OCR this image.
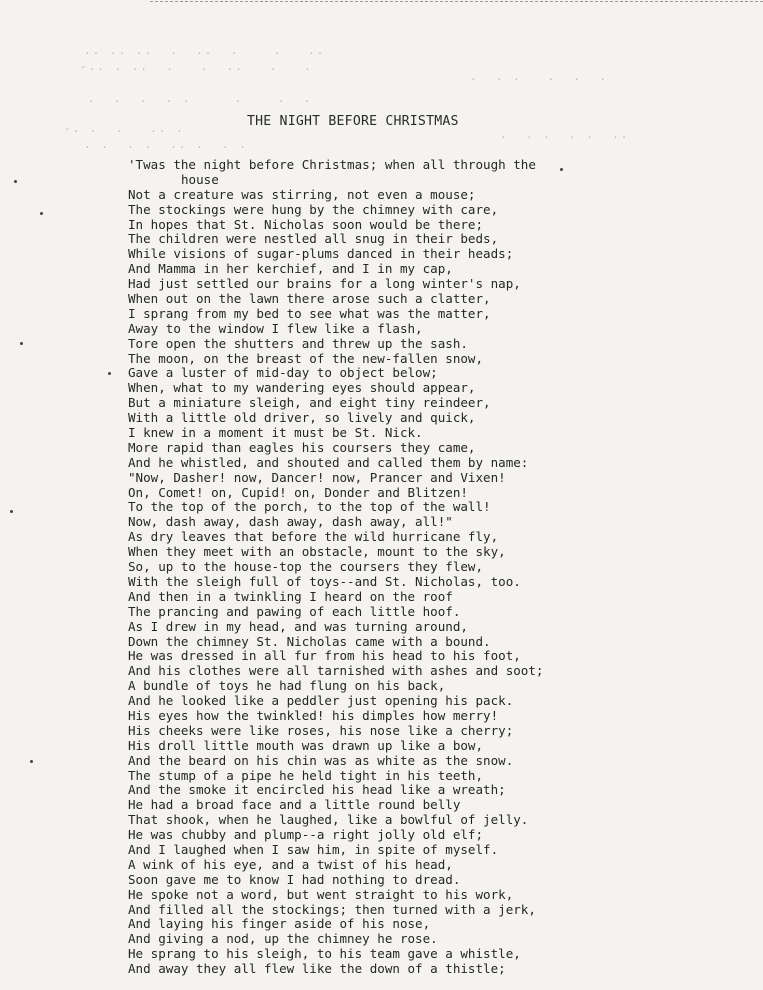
.. .. ..  .  ..  .    .   ..
-.. . ..  .   .  ..   .   .
.  .  .  . .     .    .  .
-. .  .   .. .
. .  . .  .. .  . .
.  . .  . .  ..
.  . .   .  .  .
THE NIGHT BEFORE CHRISTMAS
'Twas the night before Christmas; when all through the
house
Not a creature was stirring, not even a mouse;
The stockings were hung by the chimney with care,
In hopes that St. Nicholas soon would be there;
The children were nestled all snug in their beds,
While visions of sugar-plums danced in their heads;
And Mamma in her kerchief, and I in my cap,
Had just settled our brains for a long winter's nap,
When out on the lawn there arose such a clatter,
I sprang from my bed to see what was the matter,
Away to the window I flew like a flash,
Tore open the shutters and threw up the sash.
The moon, on the breast of the new-fallen snow,
Gave a luster of mid-day to object below;
When, what to my wandering eyes should appear,
But a miniature sleigh, and eight tiny reindeer,
With a little old driver, so lively and quick,
I knew in a moment it must be St. Nick.
More rapid than eagles his coursers they came,
And he whistled, and shouted and called them by name:
"Now, Dasher! now, Dancer! now, Prancer and Vixen!
On, Comet! on, Cupid! on, Donder and Blitzen!
To the top of the porch, to the top of the wall!
Now, dash away, dash away, dash away, all!"
As dry leaves that before the wild hurricane fly,
When they meet with an obstacle, mount to the sky,
So, up to the house-top the coursers they flew,
With the sleigh full of toys--and St. Nicholas, too.
And then in a twinkling I heard on the roof
The prancing and pawing of each little hoof.
As I drew in my head, and was turning around,
Down the chimney St. Nicholas came with a bound.
He was dressed in all fur from his head to his foot,
And his clothes were all tarnished with ashes and soot;
A bundle of toys he had flung on his back,
And he looked like a peddler just opening his pack.
His eyes how the twinkled! his dimples how merry!
His cheeks were like roses, his nose like a cherry;
His droll little mouth was drawn up like a bow,
And the beard on his chin was as white as the snow.
The stump of a pipe he held tight in his teeth,
And the smoke it encircled his head like a wreath;
He had a broad face and a little round belly
That shook, when he laughed, like a bowlful of jelly.
He was chubby and plump--a right jolly old elf;
And I laughed when I saw him, in spite of myself.
A wink of his eye, and a twist of his head,
Soon gave me to know I had nothing to dread.
He spoke not a word, but went straight to his work,
And filled all the stockings; then turned with a jerk,
And laying his finger aside of his nose,
And giving a nod, up the chimney he rose.
He sprang to his sleigh, to his team gave a whistle,
And away they all flew like the down of a thistle;
